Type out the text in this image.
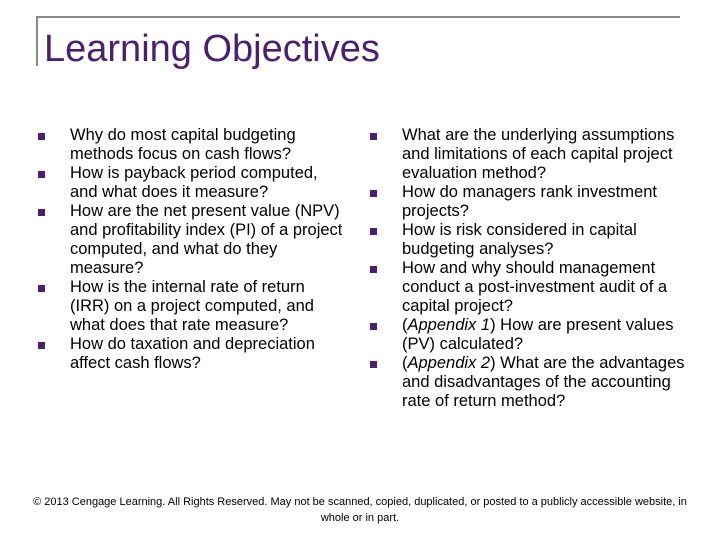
Learning Objectives
Why do most capital budgeting methods focus on cash flows?
How is payback period computed, and what does it measure?
How are the net present value (NPV) and profitability index (PI) of a project computed, and what do they measure?
How is the internal rate of return (IRR) on a project computed, and what does that rate measure?
How do taxation and depreciation affect cash flows?
What are the underlying assumptions and limitations of each capital project evaluation method?
How do managers rank investment projects?
How is risk considered in capital budgeting analyses?
How and why should management conduct a post-investment audit of a capital project?
(Appendix 1) How are present values (PV) calculated?
(Appendix 2) What are the advantages and disadvantages of the accounting rate of return method?
© 2013 Cengage Learning. All Rights Reserved. May not be scanned, copied, duplicated, or posted to a publicly accessible website, in whole or in part.
